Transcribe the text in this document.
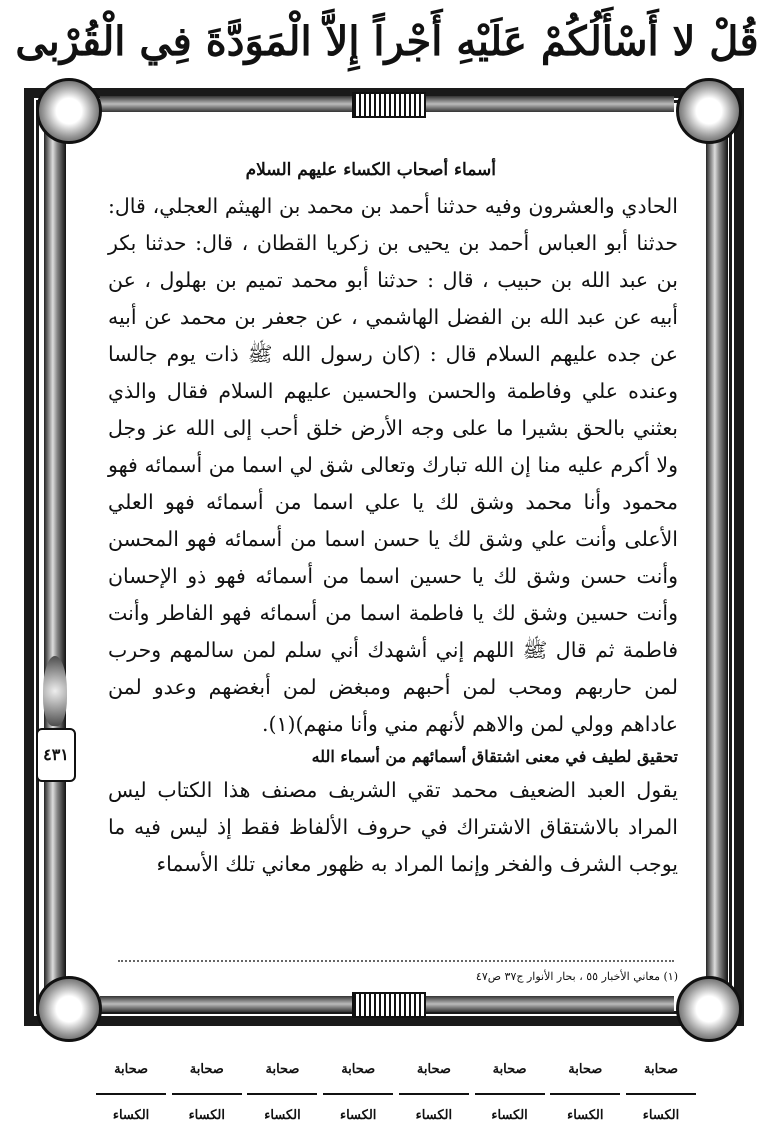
قُلْ لا أَسْأَلُكُمْ عَلَيْهِ أَجْراً إِلاَّ الْمَوَدَّةَ فِي الْقُرْبى
٤٣١
أسماء أصحاب الكساء عليهم السلام

الحادي والعشرون وفيه حدثنا أحمد بن محمد بن الهيثم العجلي، قال: حدثنا أبو العباس أحمد بن يحيى بن زكريا القطان ، قال: حدثنا بكر بن عبد الله بن حبيب ، قال : حدثنا أبو محمد تميم بن بهلول ، عن أبيه عن عبد الله بن الفضل الهاشمي ، عن جعفر بن محمد عن أبيه عن جده عليهم السلام قال : (كان رسول الله ﷺ ذات يوم جالسا وعنده علي وفاطمة والحسن والحسين عليهم السلام فقال والذي بعثني بالحق بشيرا ما على وجه الأرض خلق أحب إلى الله عز وجل ولا أكرم عليه منا إن الله تبارك وتعالى شق لي اسما من أسمائه فهو محمود وأنا محمد وشق لك يا علي اسما من أسمائه فهو العلي الأعلى وأنت علي وشق لك يا حسن اسما من أسمائه فهو المحسن وأنت حسن وشق لك يا حسين اسما من أسمائه فهو ذو الإحسان وأنت حسين وشق لك يا فاطمة اسما من أسمائه فهو الفاطر وأنت فاطمة ثم قال ﷺ اللهم إني أشهدك أني سلم لمن سالمهم وحرب لمن حاربهم ومحب لمن أحبهم ومبغض لمن أبغضهم وعدو لمن عاداهم وولي لمن والاهم لأنهم مني وأنا منهم)(١).

تحقيق لطيف في معنى اشتقاق أسمائهم من أسماء الله

يقول العبد الضعيف محمد تقي الشريف مصنف هذا الكتاب ليس المراد بالاشتقاق الاشتراك في حروف الألفاظ فقط إذ ليس فيه ما يوجب الشرف والفخر وإنما المراد به ظهور معاني تلك الأسماء

(١) معاني الأخبار ٥٥ ، بحار الأنوار ج٣٧ ص٤٧
صحابة الكساء
صحابة الكساء
صحابة الكساء
صحابة الكساء
صحابة الكساء
صحابة الكساء
صحابة الكساء
صحابة الكساء
